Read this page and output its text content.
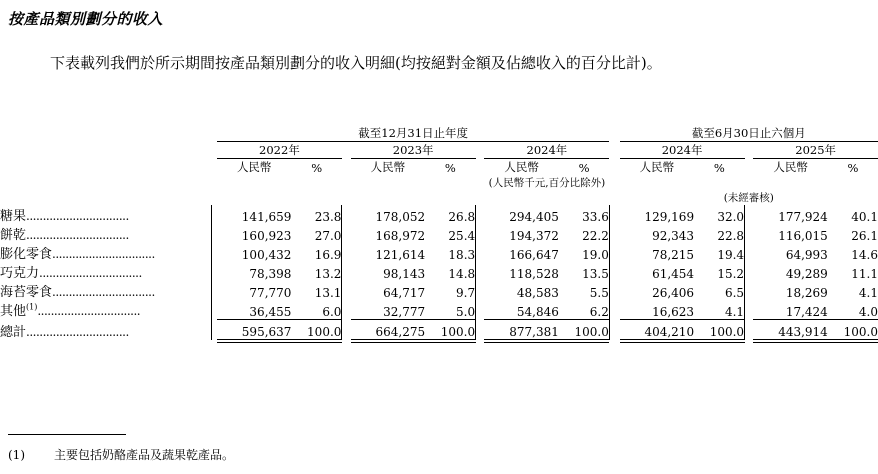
按產品類別劃分的收入
下表載列我們於所示期間按產品類別劃分的收入明細(均按絕對金額及佔總收入的百分比計)。
		截至12月31日止年度									截至6月30日止六個月				
		2022年			2023年			2024年			2024年			2025年	
		人民幣	%		人民幣	%		人民幣	%		人民幣	%		人民幣	%
								(人民幣千元,百分比除外)							
											(未經審核)				
糖果...............................		141,659	23.8		178,052	26.8		294,405	33.6		129,169	32.0		177,924	40.1
餅乾...............................		160,923	27.0		168,972	25.4		194,372	22.2		92,343	22.8		116,015	26.1
膨化零食...............................		100,432	16.9		121,614	18.3		166,647	19.0		78,215	19.4		64,993	14.6
巧克力...............................		78,398	13.2		98,143	14.8		118,528	13.5		61,454	15.2		49,289	11.1
海苔零食...............................		77,770	13.1		64,717	9.7		48,583	5.5		26,406	6.5		18,269	4.1
其他$^{(1)}$...............................		36,455	6.0		32,777	5.0		54,846	6.2		16,623	4.1		17,424	4.0

總計...............................		595,637	100.0		664,275	100.0		877,381	100.0		404,210	100.0		443,914	100.0

(1) 主要包括奶酪產品及蔬果乾產品。
